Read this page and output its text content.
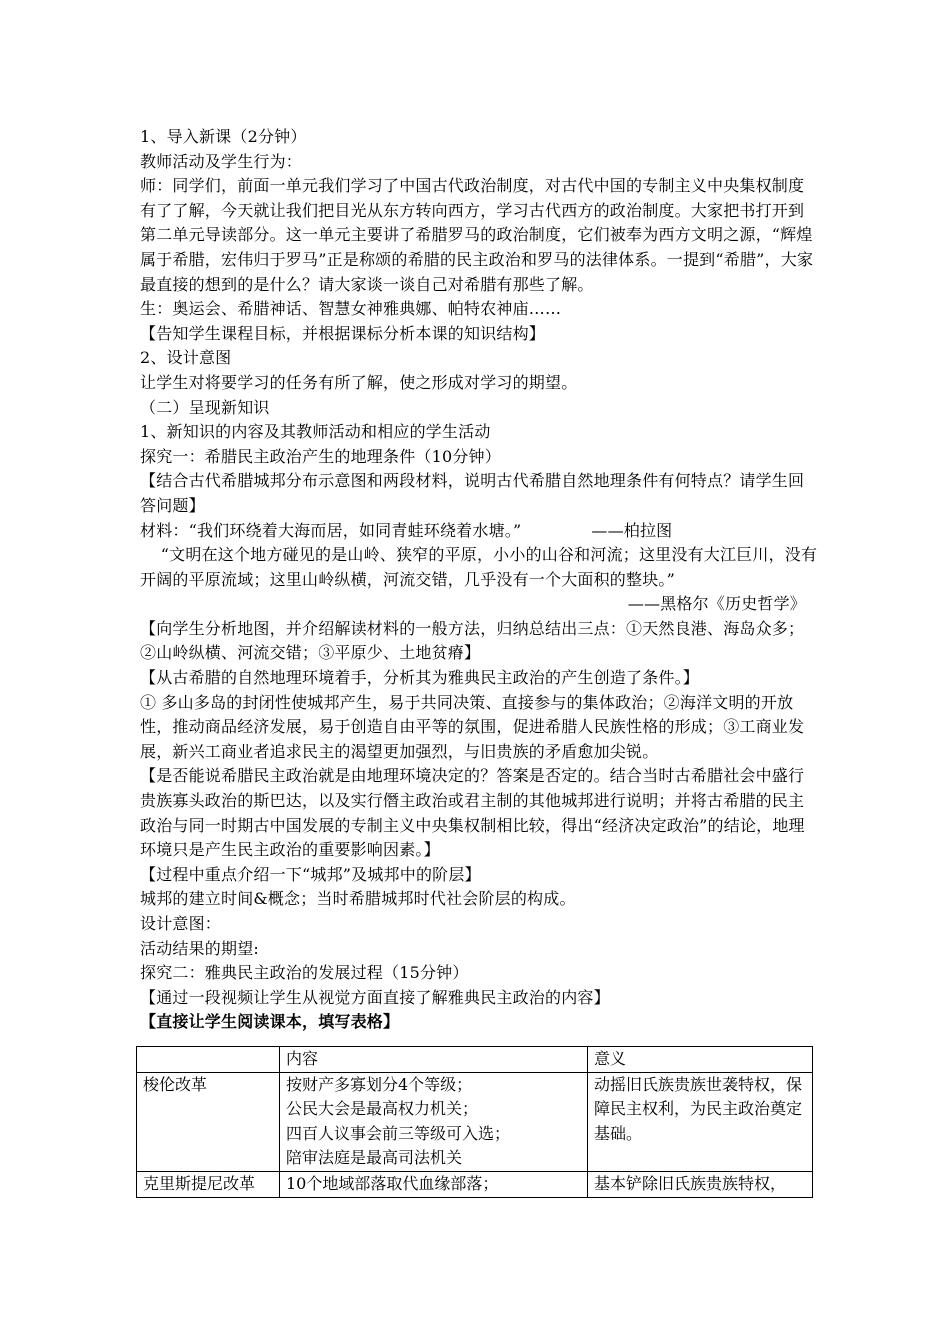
1、导入新课（2分钟）

教师活动及学生行为：

师：同学们，前面一单元我们学习了中国古代政治制度，对古代中国的专制主义中央集权制度有了了解，今天就让我们把目光从东方转向西方，学习古代西方的政治制度。大家把书打开到第二单元导读部分。这一单元主要讲了希腊罗马的政治制度，它们被奉为西方文明之源，“辉煌属于希腊，宏伟归于罗马”正是称颂的希腊的民主政治和罗马的法律体系。一提到“希腊”，大家最直接的想到的是什么？请大家谈一谈自己对希腊有那些了解。

生：奥运会、希腊神话、智慧女神雅典娜、帕特农神庙……

【告知学生课程目标，并根据课标分析本课的知识结构】

2、设计意图

让学生对将要学习的任务有所了解，使之形成对学习的期望。

（二）呈现新知识

1、新知识的内容及其教师活动和相应的学生活动

探究一：希腊民主政治产生的地理条件（10分钟）

【结合古代希腊城邦分布示意图和两段材料，说明古代希腊自然地理条件有何特点？请学生回答问题】

材料：“我们环绕着大海而居，如同青蛙环绕着水塘。”	——柏拉图

“文明在这个地方碰见的是山岭、狭窄的平原，小小的山谷和河流；这里没有大江巨川，没有开阔的平原流域；这里山岭纵横，河流交错，几乎没有一个大面积的整块。”

——黑格尔《历史哲学》

【向学生分析地图，并介绍解读材料的一般方法，归纳总结出三点：①天然良港、海岛众多；②山岭纵横、河流交错；③平原少、土地贫瘠】

【从古希腊的自然地理环境着手，分析其为雅典民主政治的产生创造了条件。】

① 多山多岛的封闭性使城邦产生，易于共同决策、直接参与的集体政治；②海洋文明的开放性，推动商品经济发展，易于创造自由平等的氛围，促进希腊人民族性格的形成；③工商业发展，新兴工商业者追求民主的渴望更加强烈，与旧贵族的矛盾愈加尖锐。

【是否能说希腊民主政治就是由地理环境决定的？答案是否定的。结合当时古希腊社会中盛行贵族寡头政治的斯巴达，以及实行僭主政治或君主制的其他城邦进行说明；并将古希腊的民主政治与同一时期古中国发展的专制主义中央集权制相比较，得出“经济决定政治”的结论，地理环境只是产生民主政治的重要影响因素。】

【过程中重点介绍一下“城邦”及城邦中的阶层】

城邦的建立时间&概念；当时希腊城邦时代社会阶层的构成。

设计意图：

活动结果的期望:

探究二：雅典民主政治的发展过程（15分钟）

【通过一段视频让学生从视觉方面直接了解雅典民主政治的内容】

【直接让学生阅读课本，填写表格】

	内容	意义
梭伦改革	按财产多寡划分4个等级；
公民大会是最高权力机关；
四百人议事会前三等级可入选；
陪审法庭是最高司法机关	动摇旧氏族贵族世袭特权，保障民主权利，为民主政治奠定基础。
克里斯提尼改革	10个地域部落取代血缘部落；	基本铲除旧氏族贵族特权，
